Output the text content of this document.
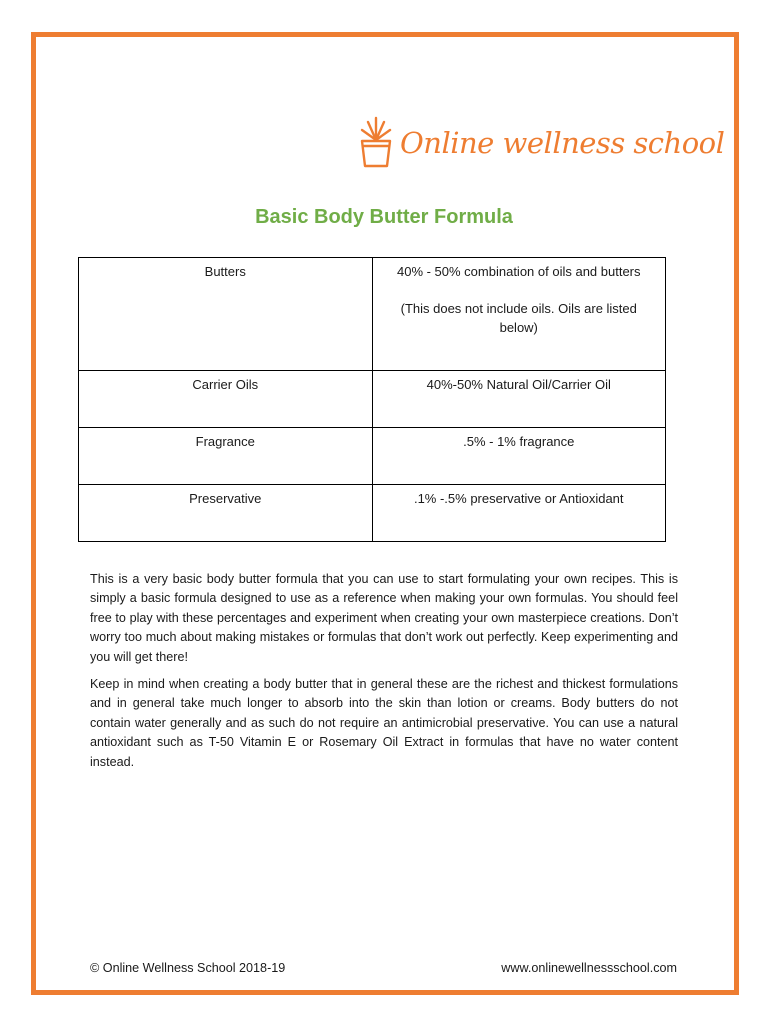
Online wellness school
Basic Body Butter Formula
Butters	40% - 50% combination of oils and butters
(This does not include oils. Oils are listed below)

Carrier Oils	40%-50% Natural Oil/Carrier Oil
Fragrance	.5% - 1% fragrance
Preservative	.1% -.5% preservative or Antioxidant

This is a very basic body butter formula that you can use to start formulating your own recipes. This is simply a basic formula designed to use as a reference when making your own formulas. You should feel free to play with these percentages and experiment when creating your own masterpiece creations. Don’t worry too much about making mistakes or formulas that don’t work out perfectly. Keep experimenting and you will get there!

Keep in mind when creating a body butter that in general these are the richest and thickest formulations and in general take much longer to absorb into the skin than lotion or creams. Body butters do not contain water generally and as such do not require an antimicrobial preservative. You can use a natural antioxidant such as T-50 Vitamin E or Rosemary Oil Extract in formulas that have no water content instead.

© Online Wellness School 2018-19	www.onlinewellnessschool.com
